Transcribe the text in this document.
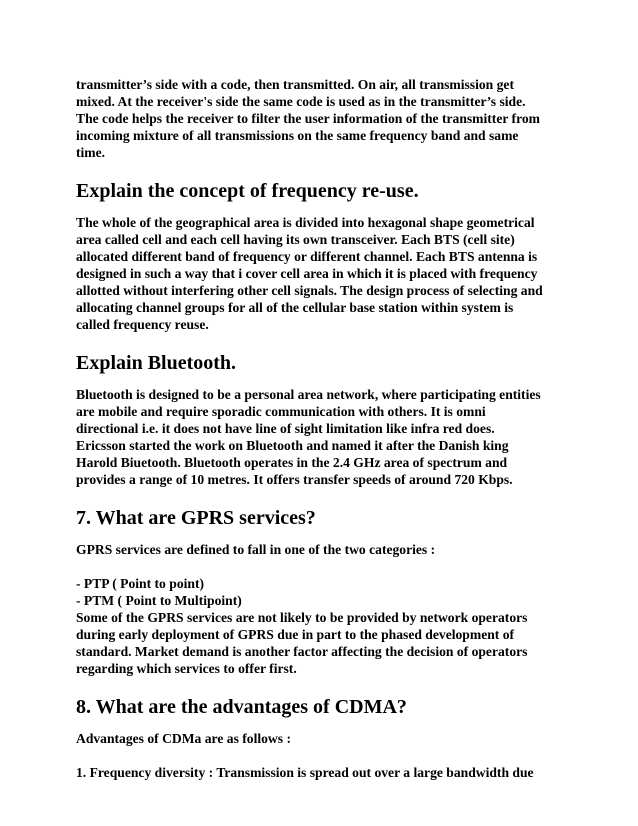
transmitter’s side with a code, then transmitted. On air, all transmission get
mixed. At the receiver's side the same code is used as in the transmitter’s side.
The code helps the receiver to filter the user information of the transmitter from
incoming mixture of all transmissions on the same frequency band and same
time.

Explain the concept of frequency re-use.

The whole of the geographical area is divided into hexagonal shape geometrical
area called cell and each cell having its own transceiver. Each BTS (cell site)
allocated different band of frequency or different channel. Each BTS antenna is
designed in such a way that i cover cell area in which it is placed with frequency
allotted without interfering other cell signals. The design process of selecting and
allocating channel groups for all of the cellular base station within system is
called frequency reuse.

Explain Bluetooth.

Bluetooth is designed to be a personal area network, where participating entities
are mobile and require sporadic communication with others. It is omni
directional i.e. it does not have line of sight limitation like infra red does.
Ericsson started the work on Bluetooth and named it after the Danish king
Harold Biuetooth. Bluetooth operates in the 2.4 GHz area of spectrum and
provides a range of 10 metres. It offers transfer speeds of around 720 Kbps.

7. What are GPRS services?

GPRS services are defined to fall in one of the two categories :

- PTP ( Point to point)
- PTM ( Point to Multipoint)
Some of the GPRS services are not likely to be provided by network operators
during early deployment of GPRS due in part to the phased development of
standard. Market demand is another factor affecting the decision of operators
regarding which services to offer first.

8. What are the advantages of CDMA?

Advantages of CDMa are as follows :

1. Frequency diversity : Transmission is spread out over a large bandwidth due
